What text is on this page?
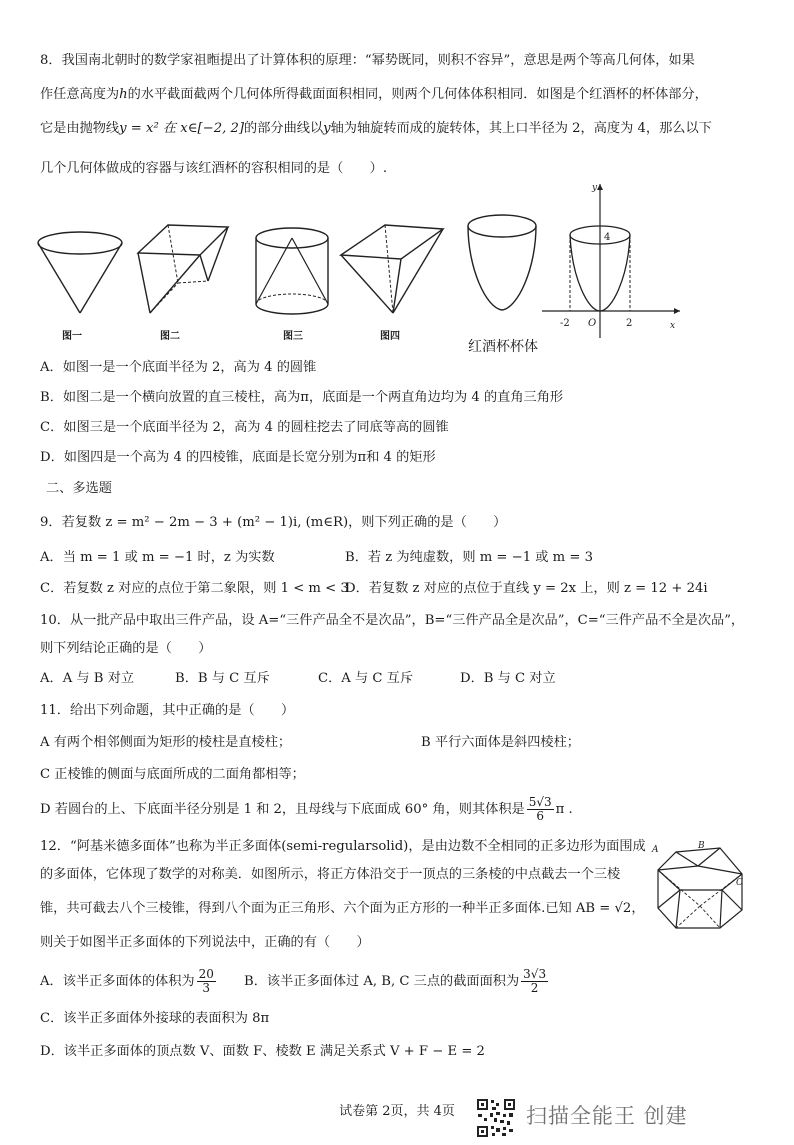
8．我国南北朝时的数学家祖暅提出了计算体积的原理：“幂势既同，则积不容异”，意思是两个等高几何体，如果
作任意高度为h的水平截面截两个几何体所得截面面积相同，则两个几何体体积相同．如图是个红酒杯的杯体部分，
它是由抛物线y = x² 在 x∈[−2, 2]的部分曲线以y轴为轴旋转而成的旋转体，其上口半径为 2，高度为 4，那么以下
几个几何体做成的容器与该红酒杯的容积相同的是（　　）.
图一	图二	图三	图四
红酒杯杯体
y
4
-2 O	2	x
A．如图一是一个底面半径为 2，高为 4 的圆锥
B．如图二是一个横向放置的直三棱柱，高为π，底面是一个两直角边均为 4 的直角三角形
C．如图三是一个底面半径为 2，高为 4 的圆柱挖去了同底等高的圆锥
D．如图四是一个高为 4 的四棱锥，底面是长宽分别为π和 4 的矩形
二、多选题
9．若复数 z = m² − 2m − 3 + (m² − 1)i, (m∈R)，则下列正确的是（　　）
A．当 m = 1 或 m = −1 时，z 为实数	B．若 z 为纯虚数，则 m = −1 或 m = 3
C．若复数 z 对应的点位于第二象限，则 1 < m < 3
D．若复数 z 对应的点位于直线 y = 2x 上，则 z = 12 + 24i
10．从一批产品中取出三件产品，设 A=“三件产品全不是次品”，B=“三件产品全是次品”，C=“三件产品不全是次品”，
则下列结论正确的是（　　）
A．A 与 B 对立	B．B 与 C 互斥	C．A 与 C 互斥	D．B 与 C 对立
11．给出下列命题，其中正确的是（　　）
A 有两个相邻侧面为矩形的棱柱是直棱柱；	B 平行六面体是斜四棱柱；
C 正棱锥的侧面与底面所成的二面角都相等；
D 若圆台的上、下底面半径分别是 1 和 2，且母线与下底面成 60° 角，则其体积是 $\frac{5√3}{6}$ π .
12．“阿基米德多面体”也称为半正多面体(semi-regularsolid)，是由边数不全相同的正多边形为面围成
的多面体，它体现了数学的对称美．如图所示，将正方体沿交于一顶点的三条棱的中点截去一个三棱
锥，共可截去八个三棱锥，得到八个面为正三角形、六个面为正方形的一种半正多面体.已知 AB = √2，
则关于如图半正多面体的下列说法中，正确的有（　　）
A	B
C
A．该半正多面体的体积为 $\frac{20}{3}$ B．该半正多面体过 A, B, C 三点的截面面积为 $\frac{3√3}{2}$
C．该半正多面体外接球的表面积为 8π
D．该半正多面体的顶点数 V、面数 F、棱数 E 满足关系式 V + F − E = 2
试卷第 2页，共 4页	扫描全能王 创建
